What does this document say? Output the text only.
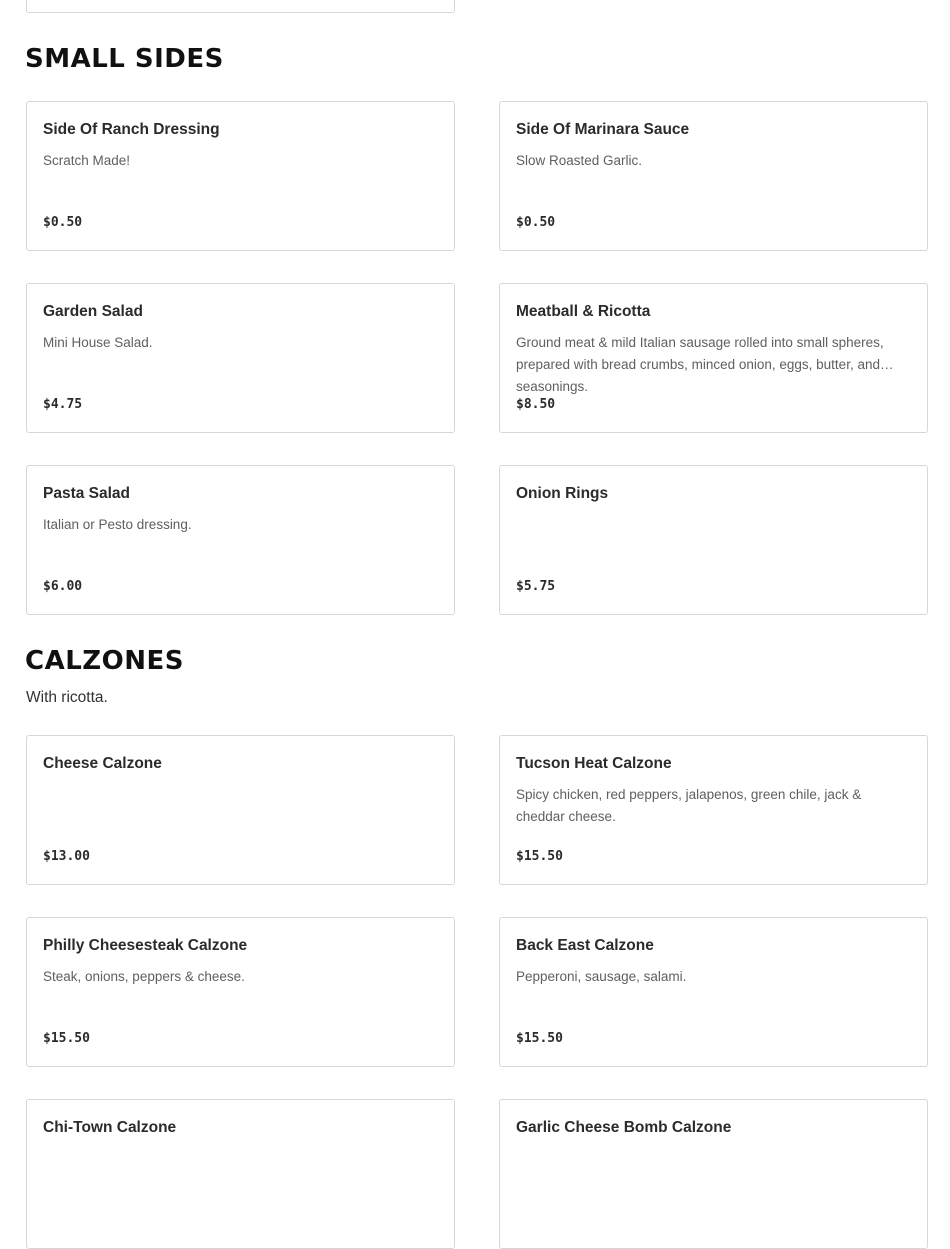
SMALL SIDES
Side Of Ranch Dressing
Scratch Made!
$0.50
Side Of Marinara Sauce
Slow Roasted Garlic.
$0.50
Garden Salad
Mini House Salad.
$4.75
Meatball & Ricotta
Ground meat & mild Italian sausage rolled into small spheres, prepared with bread crumbs, minced onion, eggs, butter, and seasonings.
$8.50
Pasta Salad
Italian or Pesto dressing.
$6.00
Onion Rings
$5.75
CALZONES
With ricotta.
Cheese Calzone
$13.00
Tucson Heat Calzone
Spicy chicken, red peppers, jalapenos, green chile, jack & cheddar cheese.
$15.50
Philly Cheesesteak Calzone
Steak, onions, peppers & cheese.
$15.50
Back East Calzone
Pepperoni, sausage, salami.
$15.50
Chi-Town Calzone	Garlic Cheese Bomb Calzone
